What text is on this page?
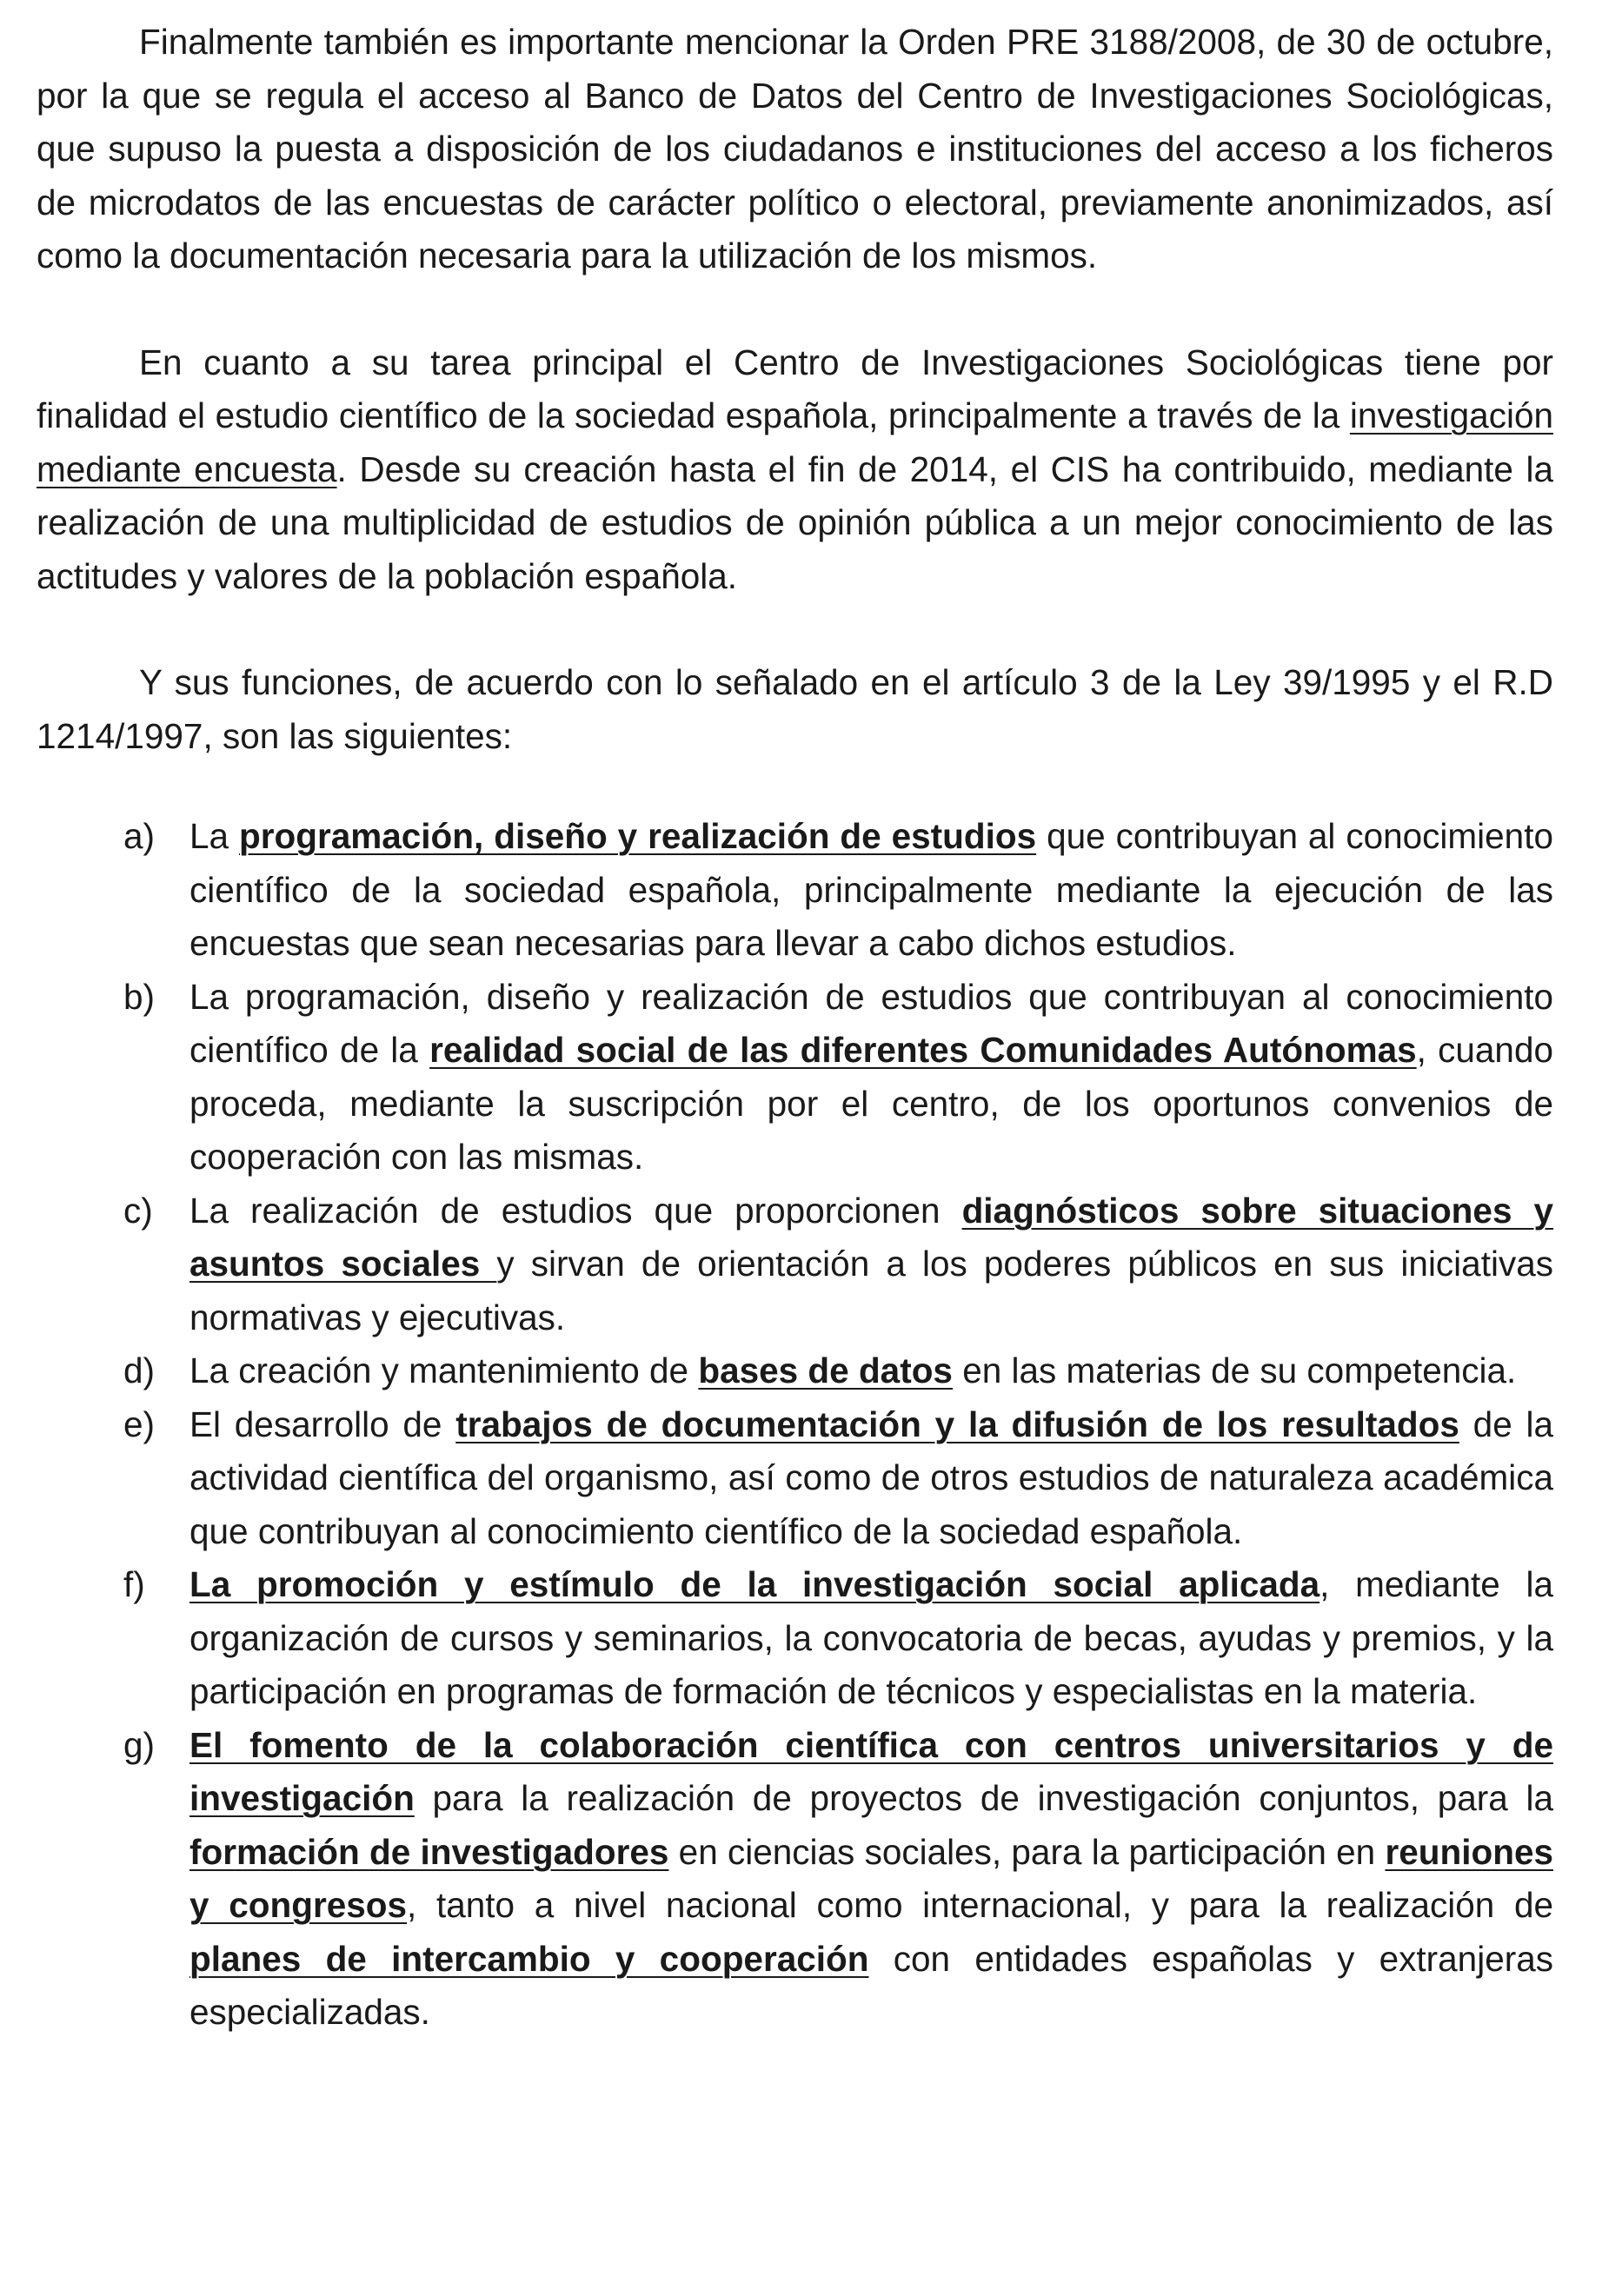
Finalmente también es importante mencionar la Orden PRE 3188/2008, de 30 de octubre, por la que se regula el acceso al Banco de Datos del Centro de Investigaciones Sociológicas, que supuso la puesta a disposición de los ciudadanos e instituciones del acceso a los ficheros de microdatos de las encuestas de carácter político o electoral, previamente anonimizados, así como la documentación necesaria para la utilización de los mismos.

En cuanto a su tarea principal el Centro de Investigaciones Sociológicas tiene por finalidad el estudio científico de la sociedad española, principalmente a través de la investigación mediante encuesta. Desde su creación hasta el fin de 2014, el CIS ha contribuido, mediante la realización de una multiplicidad de estudios de opinión pública a un mejor conocimiento de las actitudes y valores de la población española.

Y sus funciones, de acuerdo con lo señalado en el artículo 3 de la Ley 39/1995 y el R.D 1214/1997, son las siguientes:

a) La programación, diseño y realización de estudios que contribuyan al conocimiento científico de la sociedad española, principalmente mediante la ejecución de las encuestas que sean necesarias para llevar a cabo dichos estudios.
b) La programación, diseño y realización de estudios que contribuyan al conocimiento científico de la realidad social de las diferentes Comunidades Autónomas, cuando proceda, mediante la suscripción por el centro, de los oportunos convenios de cooperación con las mismas.
c)	La realización de estudios que proporcionen diagnósticos sobre situaciones y asuntos sociales y sirvan de orientación a los poderes públicos en sus iniciativas normativas y ejecutivas.
d) La creación y mantenimiento de bases de datos en las materias de su competencia.
e) El desarrollo de trabajos de documentación y la difusión de los resultados de la actividad científica del organismo, así como de otros estudios de naturaleza académica que contribuyan al conocimiento científico de la sociedad española.
f)	La promoción y estímulo de la investigación social aplicada, mediante la organización de cursos y seminarios, la convocatoria de becas, ayudas y premios, y la participación en programas de formación de técnicos y especialistas en la materia.
g) El fomento de la colaboración científica con centros universitarios y de investigación para la realización de proyectos de investigación conjuntos, para la formación de investigadores en ciencias sociales, para la participación en reuniones y congresos, tanto a nivel nacional como internacional, y para la realización de planes de intercambio y cooperación con entidades españolas y extranjeras especializadas.
